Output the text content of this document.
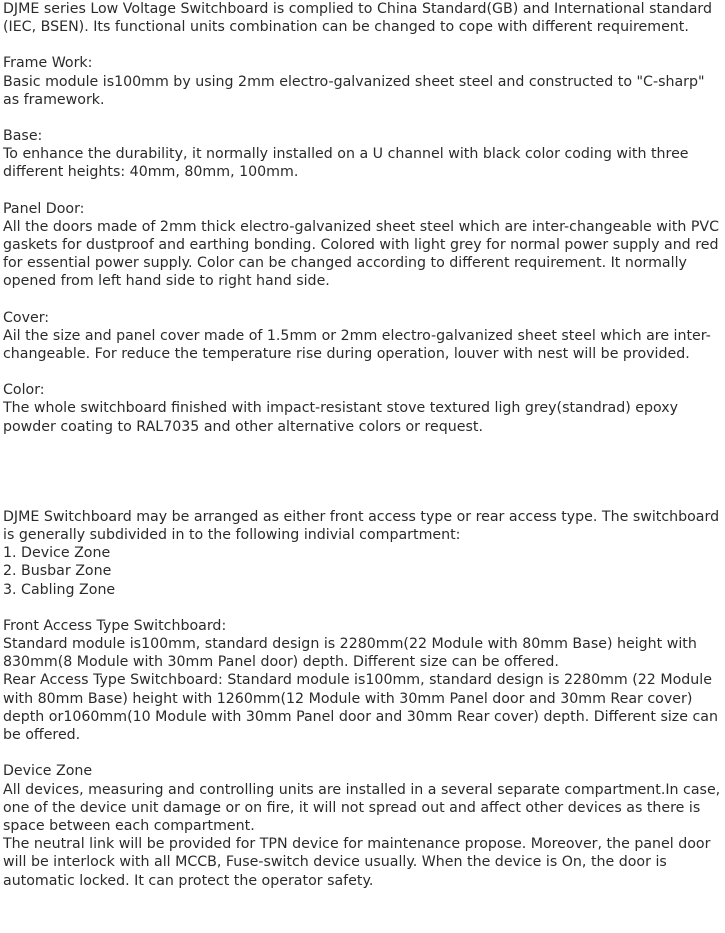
DJME series Low Voltage Switchboard is complied to China Standard(GB) and International standard (IEC, BSEN). Its functional units combination can be changed to cope with different requirement.

Frame Work:

Basic module is100mm by using 2mm electro-galvanized sheet steel and constructed to "C-sharp" as framework.

Base:

To enhance the durability, it normally installed on a U channel with black color coding with three different heights: 40mm, 80mm, 100mm.

Panel Door:

All the doors made of 2mm thick electro-galvanized sheet steel which are inter-changeable with PVC gaskets for dustproof and earthing bonding. Colored with light grey for normal power supply and red for essential power supply. Color can be changed according to different requirement. It normally opened from left hand side to right hand side.

Cover:

Ail the size and panel cover made of 1.5mm or 2mm electro-galvanized sheet steel which are inter-changeable. For reduce the temperature rise during operation, louver with nest will be provided.

Color:

The whole switchboard finished with impact-resistant stove textured ligh grey(standrad) epoxy powder coating to RAL7035 and other alternative colors or request.

DJME Switchboard may be arranged as either front access type or rear access type. The switchboard is generally subdivided in to the following indivial compartment:

1. Device Zone

2. Busbar Zone

3. Cabling Zone

Front Access Type Switchboard:

Standard module is100mm, standard design is 2280mm(22 Module with 80mm Base) height with 830mm(8 Module with 30mm Panel door) depth. Different size can be offered.

Rear Access Type Switchboard: Standard module is100mm, standard design is 2280mm (22 Module with 80mm Base) height with 1260mm(12 Module with 30mm Panel door and 30mm Rear cover) depth or1060mm(10 Module with 30mm Panel door and 30mm Rear cover) depth. Different size can be offered.

Device Zone

All devices, measuring and controlling units are installed in a several separate compartment.In case, one of the device unit damage or on fire, it will not spread out and affect other devices as there is space between each compartment.

The neutral link will be provided for TPN device for maintenance propose. Moreover, the panel door will be interlock with all MCCB, Fuse-switch device usually. When the device is On, the door is automatic locked. It can protect the operator safety.
